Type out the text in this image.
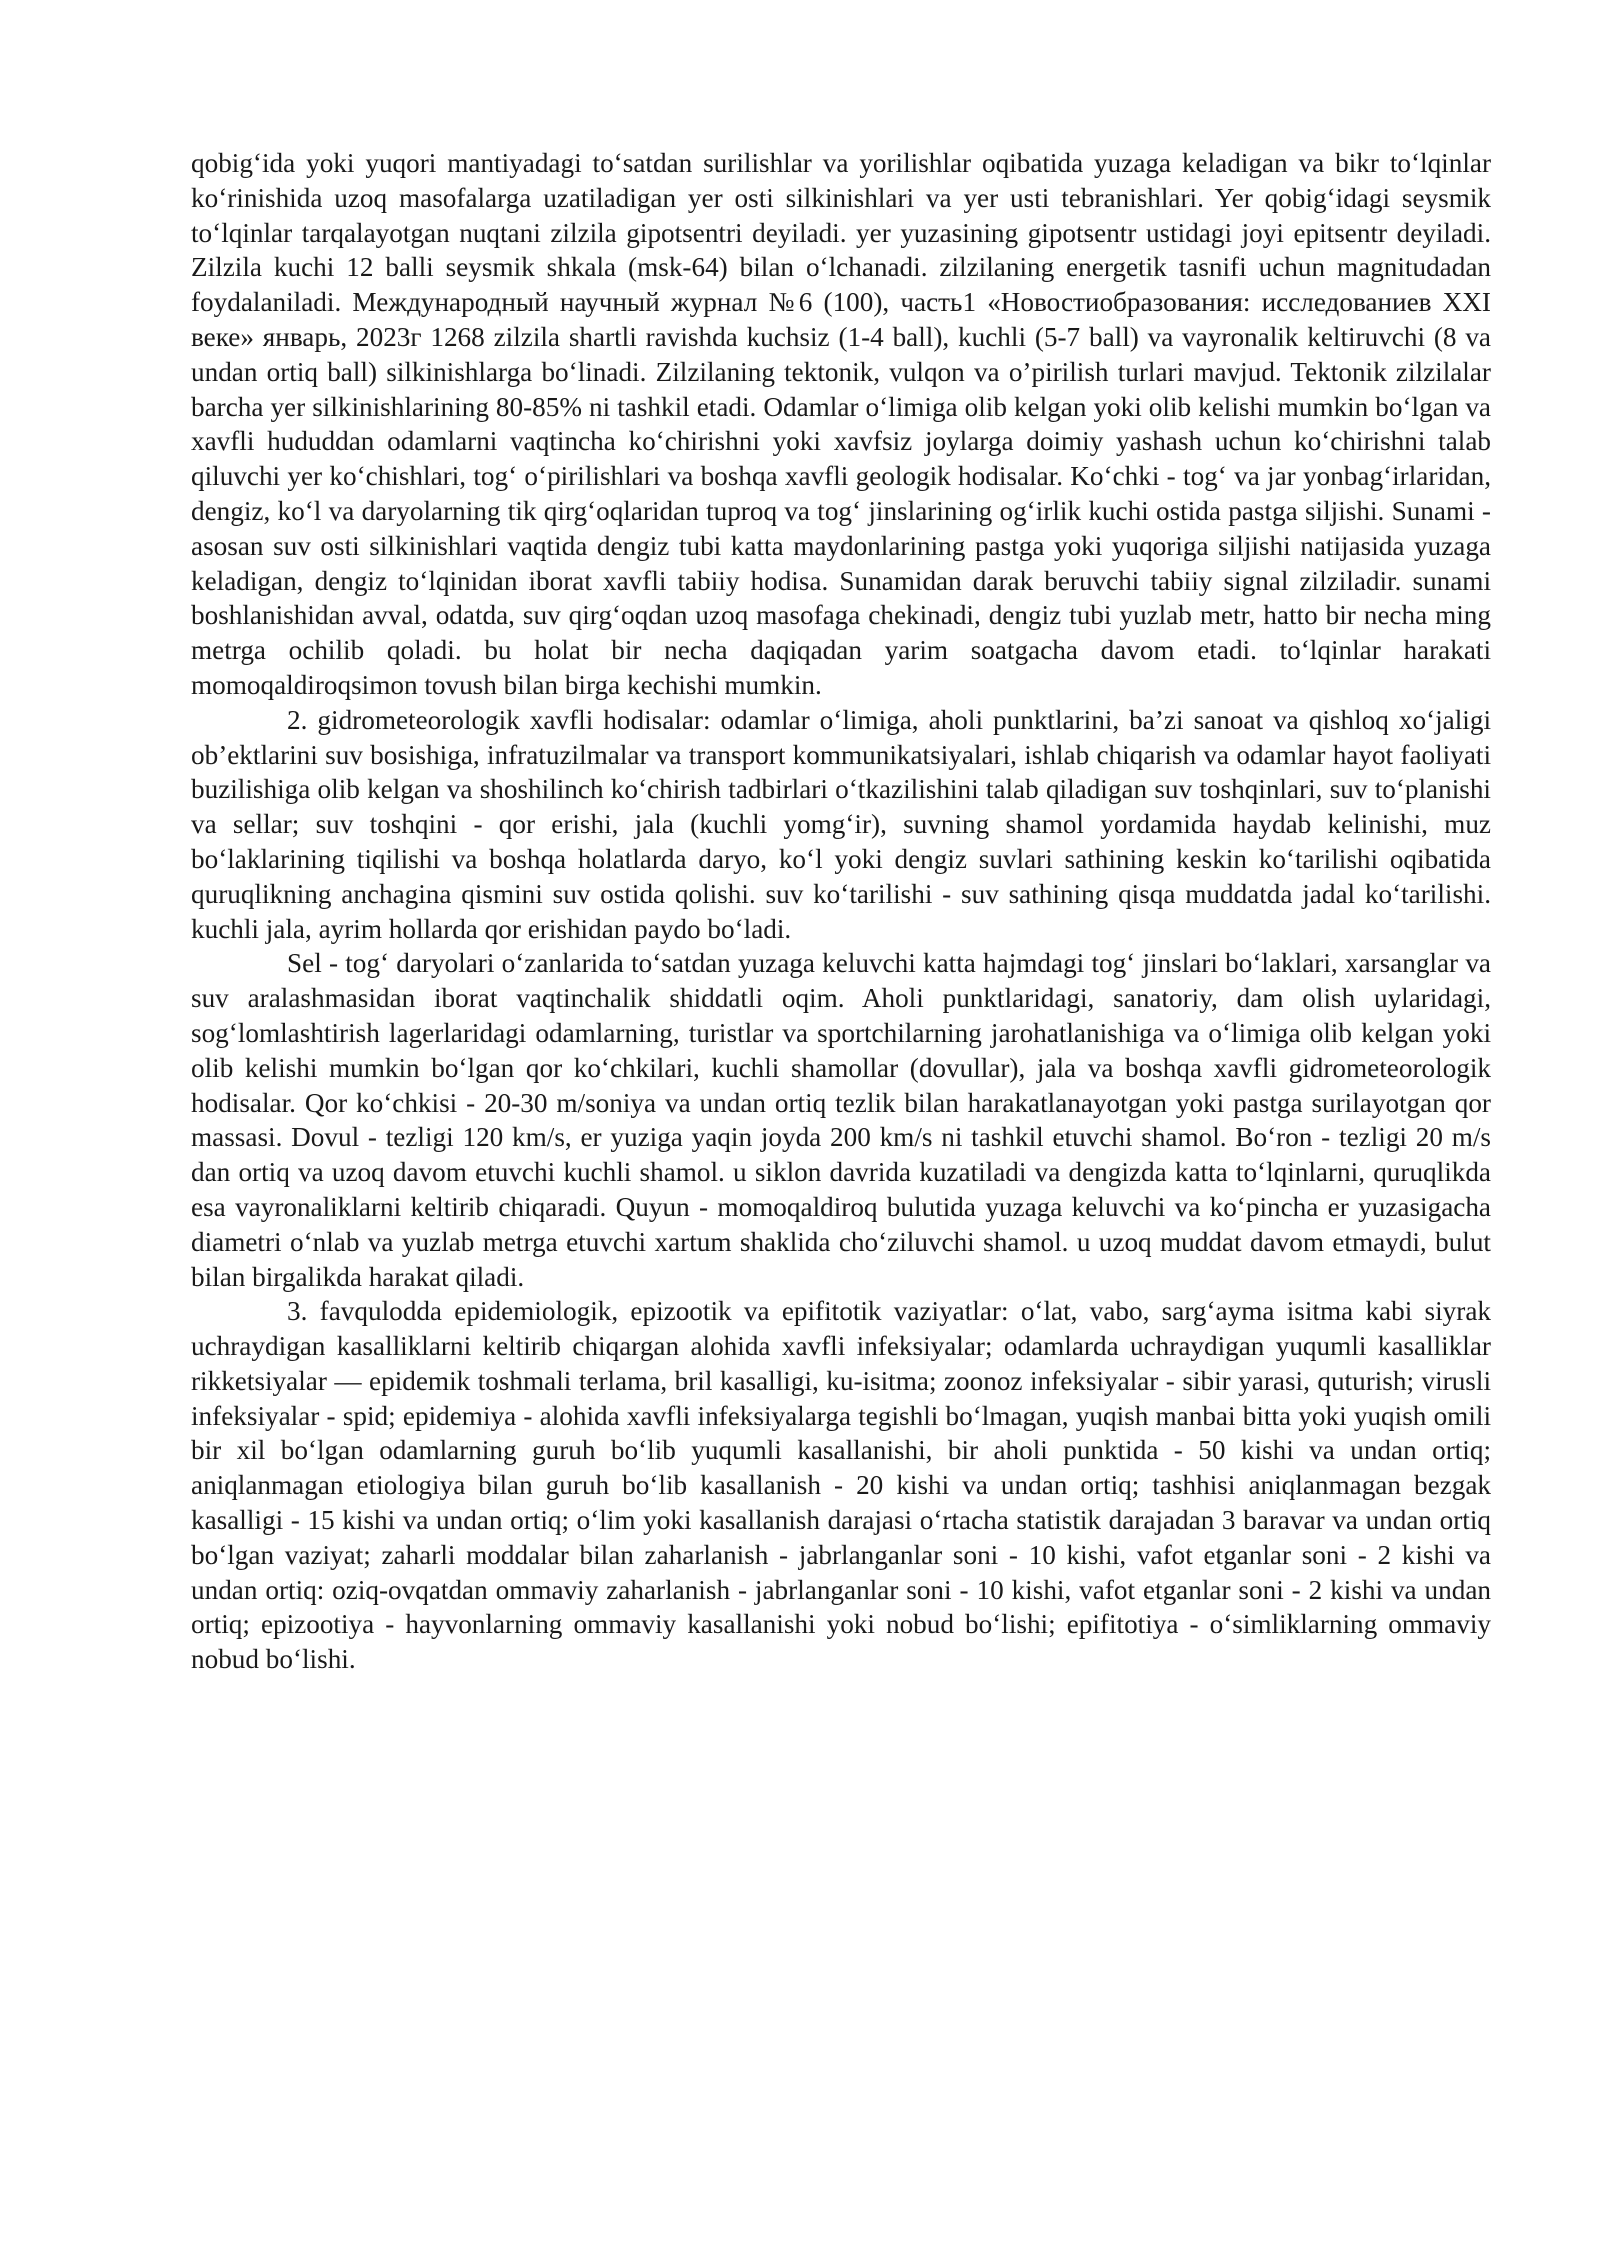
qobig‘ida yoki yuqori mantiyadagi to‘satdan surilishlar va yorilishlar oqibatida yuzaga keladigan va bikr to‘lqinlar ko‘rinishida uzoq masofalarga uzatiladigan yer osti silkinishlari va yer usti tebranishlari. Yer qobig‘idagi seysmik to‘lqinlar tarqalayotgan nuqtani zilzila gipotsentri deyiladi. yer yuzasining gipotsentr ustidagi joyi epitsentr deyiladi. Zilzila kuchi 12 balli seysmik shkala (msk-64) bilan o‘lchanadi. zilzilaning energetik tasnifi uchun magnitudadan foydalaniladi. Международный научный журнал №6 (100), часть1 «Новостиобразования: исследованиев XXI веке» январь, 2023г 1268 zilzila shartli ravishda kuchsiz (1-4 ball), kuchli (5-7 ball) va vayronalik keltiruvchi (8 va undan ortiq ball) silkinishlarga bo‘linadi. Zilzilaning tektonik, vulqon va o’pirilish turlari mavjud. Tektonik zilzilalar barcha yer silkinishlarining 80-85% ni tashkil etadi. Odamlar o‘limiga olib kelgan yoki olib kelishi mumkin bo‘lgan va xavfli hududdan odamlarni vaqtincha ko‘chirishni yoki xavfsiz joylarga doimiy yashash uchun ko‘chirishni talab qiluvchi yer ko‘chishlari, tog‘ o‘pirilishlari va boshqa xavfli geologik hodisalar. Ko‘chki - tog‘ va jar yonbag‘irlaridan, dengiz, ko‘l va daryolarning tik qirg‘oqlaridan tuproq va tog‘ jinslarining og‘irlik kuchi ostida pastga siljishi. Sunami - asosan suv osti silkinishlari vaqtida dengiz tubi katta maydonlarining pastga yoki yuqoriga siljishi natijasida yuzaga keladigan, dengiz to‘lqinidan iborat xavfli tabiiy hodisa. Sunamidan darak beruvchi tabiiy signal zilziladir. sunami boshlanishidan avval, odatda, suv qirg‘oqdan uzoq masofaga chekinadi, dengiz tubi yuzlab metr, hatto bir necha ming metrga ochilib qoladi. bu holat bir necha daqiqadan yarim soatgacha davom etadi. to‘lqinlar harakati momoqaldiroqsimon tovush bilan birga kechishi mumkin.

2. gidrometeorologik xavfli hodisalar: odamlar o‘limiga, aholi punktlarini, ba’zi sanoat va qishloq xo‘jaligi ob’ektlarini suv bosishiga, infratuzilmalar va transport kommunikatsiyalari, ishlab chiqarish va odamlar hayot faoliyati buzilishiga olib kelgan va shoshilinch ko‘chirish tadbirlari o‘tkazilishini talab qiladigan suv toshqinlari, suv to‘planishi va sellar; suv toshqini - qor erishi, jala (kuchli yomg‘ir), suvning shamol yordamida haydab kelinishi, muz bo‘laklarining tiqilishi va boshqa holatlarda daryo, ko‘l yoki dengiz suvlari sathining keskin ko‘tarilishi oqibatida quruqlikning anchagina qismini suv ostida qolishi. suv ko‘tarilishi - suv sathining qisqa muddatda jadal ko‘tarilishi. kuchli jala, ayrim hollarda qor erishidan paydo bo‘ladi.

Sel - tog‘ daryolari o‘zanlarida to‘satdan yuzaga keluvchi katta hajmdagi tog‘ jinslari bo‘laklari, xarsanglar va suv aralashmasidan iborat vaqtinchalik shiddatli oqim. Aholi punktlaridagi, sanatoriy, dam olish uylaridagi, sog‘lomlashtirish lagerlaridagi odamlarning, turistlar va sportchilarning jarohatlanishiga va o‘limiga olib kelgan yoki olib kelishi mumkin bo‘lgan qor ko‘chkilari, kuchli shamollar (dovullar), jala va boshqa xavfli gidrometeorologik hodisalar. Qor ko‘chkisi - 20-30 m/soniya va undan ortiq tezlik bilan harakatlanayotgan yoki pastga surilayotgan qor massasi. Dovul - tezligi 120 km/s, er yuziga yaqin joyda 200 km/s ni tashkil etuvchi shamol. Bo‘ron - tezligi 20 m/s dan ortiq va uzoq davom etuvchi kuchli shamol. u siklon davrida kuzatiladi va dengizda katta to‘lqinlarni, quruqlikda esa vayronaliklarni keltirib chiqaradi. Quyun - momoqaldiroq bulutida yuzaga keluvchi va ko‘pincha er yuzasigacha diametri o‘nlab va yuzlab metrga etuvchi xartum shaklida cho‘ziluvchi shamol. u uzoq muddat davom etmaydi, bulut bilan birgalikda harakat qiladi.

3. favqulodda epidemiologik, epizootik va epifitotik vaziyatlar: o‘lat, vabo, sarg‘ayma isitma kabi siyrak uchraydigan kasalliklarni keltirib chiqargan alohida xavfli infeksiyalar; odamlarda uchraydigan yuqumli kasalliklar rikketsiyalar — epidemik toshmali terlama, bril kasalligi, ku-isitma; zoonoz infeksiyalar - sibir yarasi, quturish; virusli infeksiyalar - spid; epidemiya - alohida xavfli infeksiyalarga tegishli bo‘lmagan, yuqish manbai bitta yoki yuqish omili bir xil bo‘lgan odamlarning guruh bo‘lib yuqumli kasallanishi, bir aholi punktida - 50 kishi va undan ortiq; aniqlanmagan etiologiya bilan guruh bo‘lib kasallanish - 20 kishi va undan ortiq; tashhisi aniqlanmagan bezgak kasalligi - 15 kishi va undan ortiq; o‘lim yoki kasallanish darajasi o‘rtacha statistik darajadan 3 baravar va undan ortiq bo‘lgan vaziyat; zaharli moddalar bilan zaharlanish - jabrlanganlar soni - 10 kishi, vafot etganlar soni - 2 kishi va undan ortiq: oziq-ovqatdan ommaviy zaharlanish - jabrlanganlar soni - 10 kishi, vafot etganlar soni - 2 kishi va undan ortiq; epizootiya - hayvonlarning ommaviy kasallanishi yoki nobud bo‘lishi; epifitotiya - o‘simliklarning ommaviy nobud bo‘lishi.
